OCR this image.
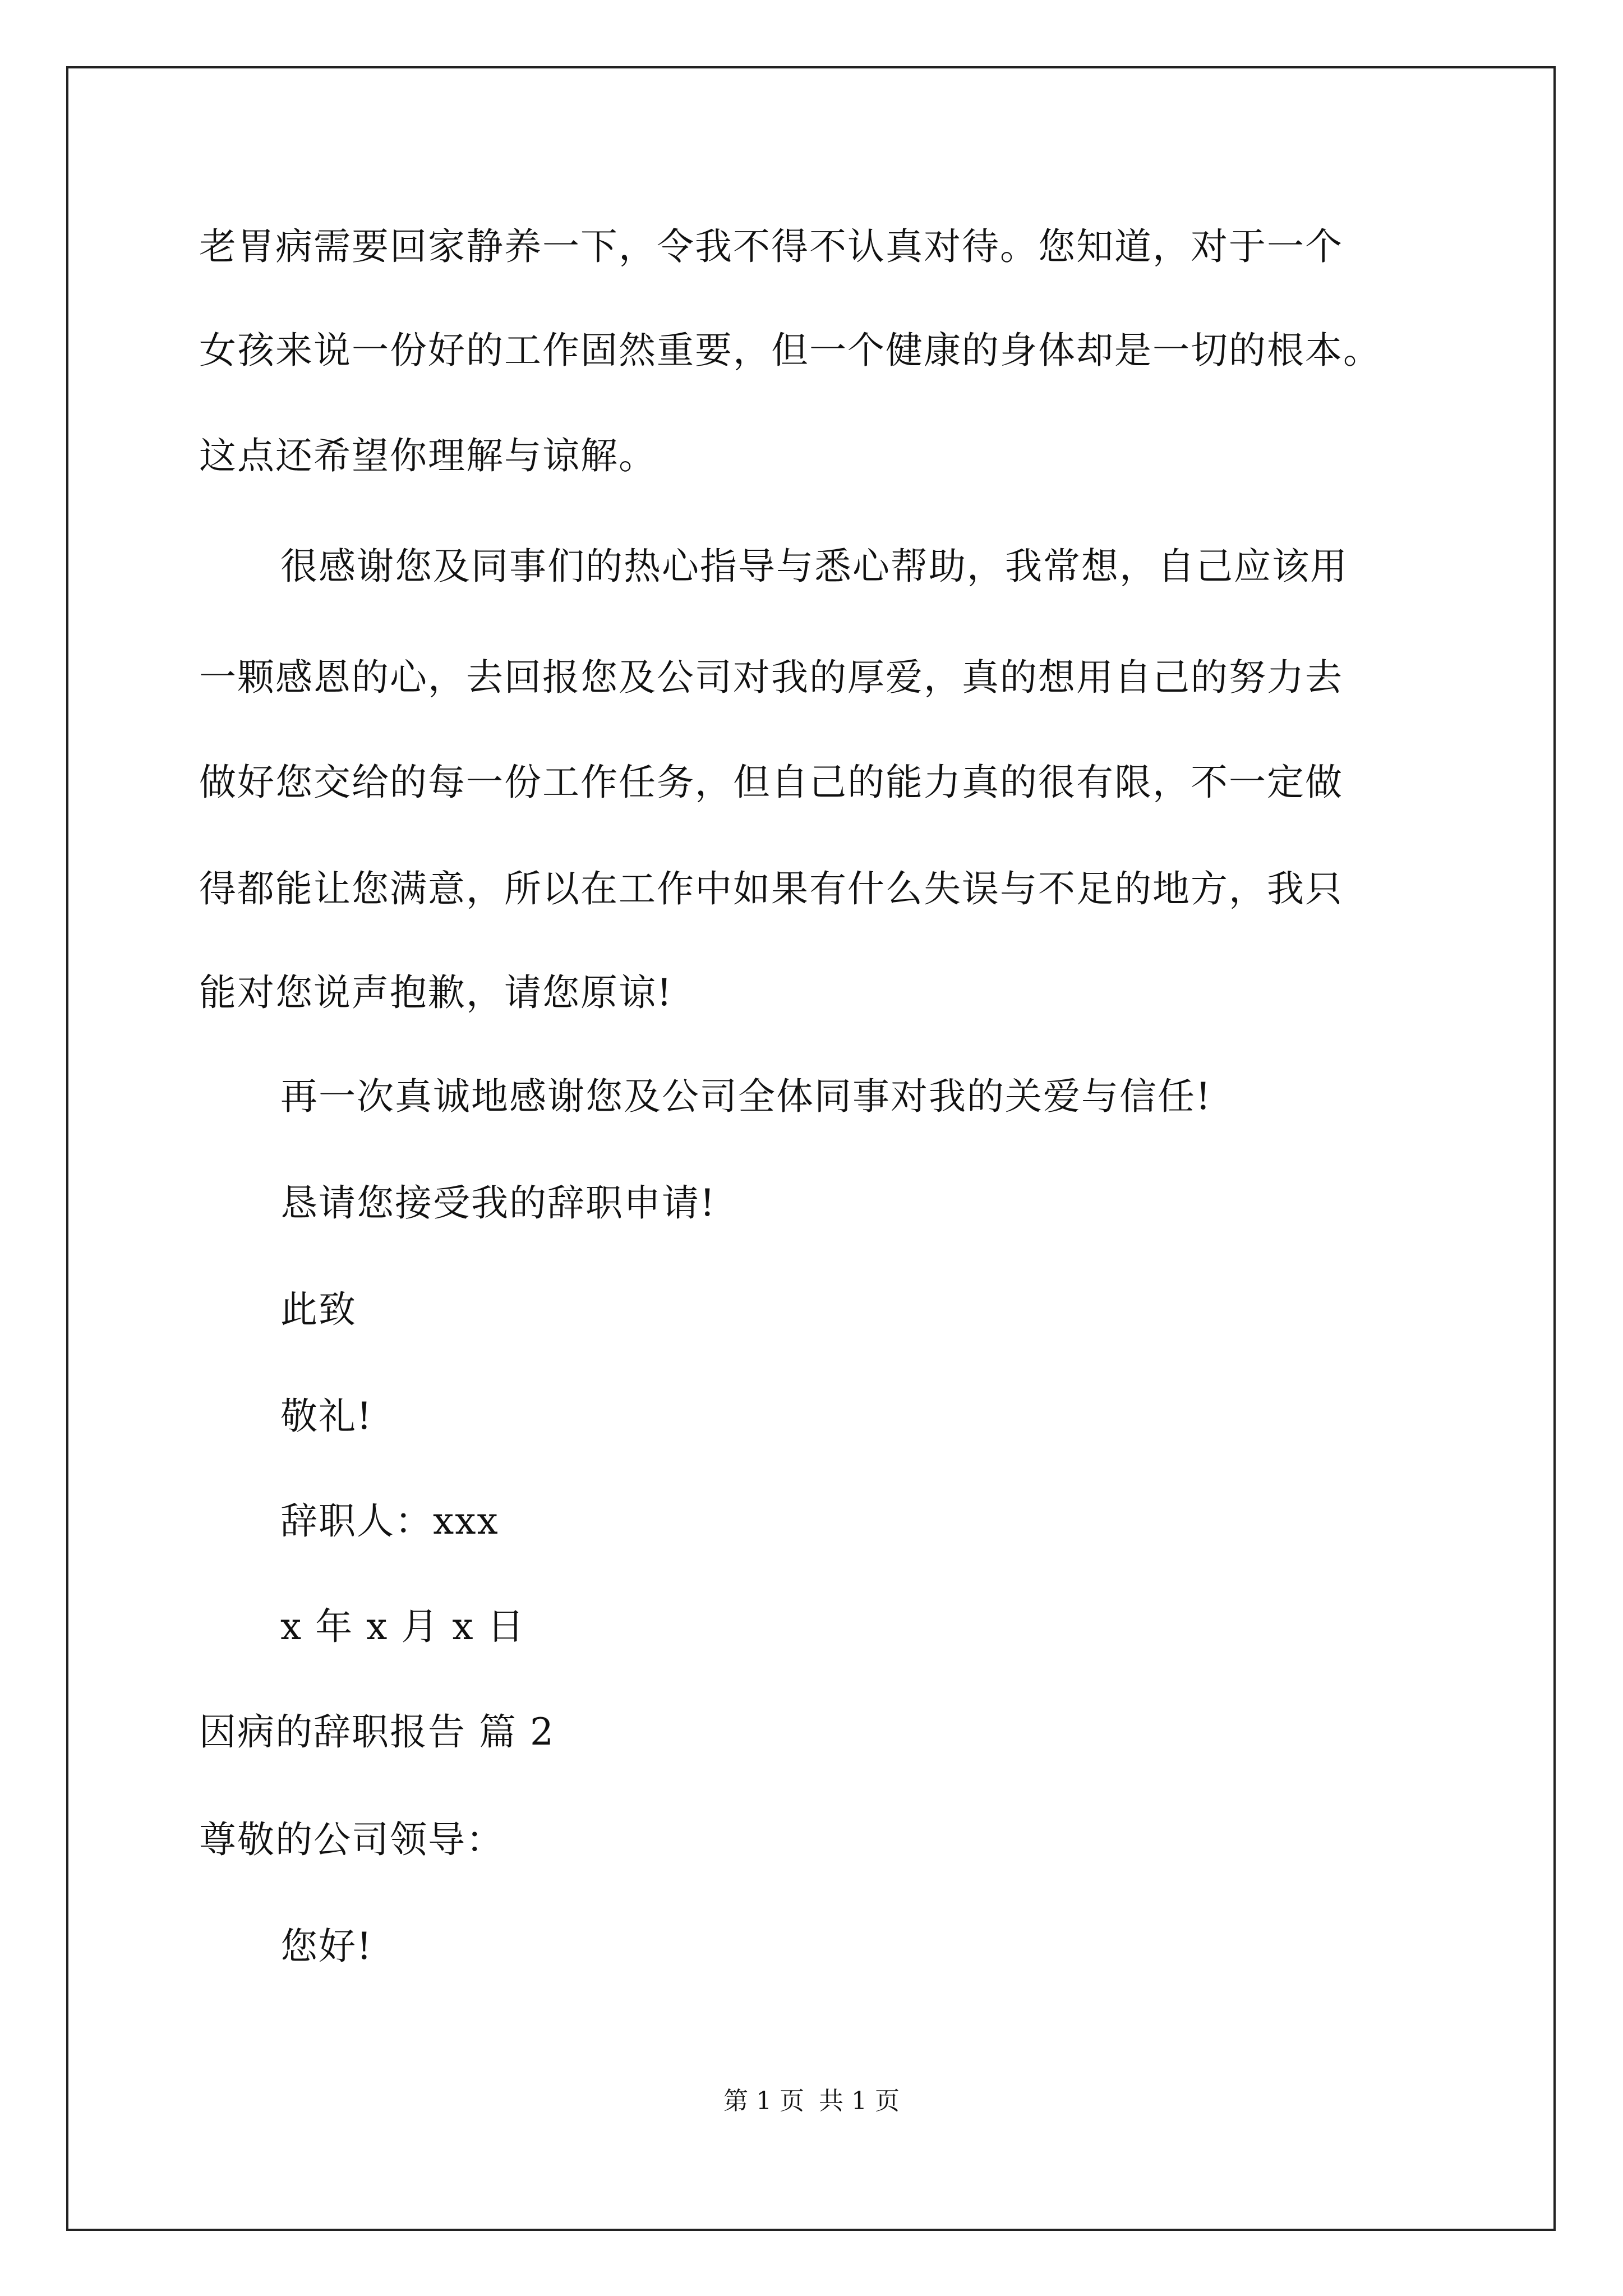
老胃病需要回家静养一下，令我不得不认真对待。您知道，对于一个
女孩来说一份好的工作固然重要，但一个健康的身体却是一切的根本。
这点还希望你理解与谅解。
很感谢您及同事们的热心指导与悉心帮助，我常想，自己应该用
一颗感恩的心，去回报您及公司对我的厚爱，真的想用自己的努力去
做好您交给的每一份工作任务，但自己的能力真的很有限，不一定做
得都能让您满意，所以在工作中如果有什么失误与不足的地方，我只
能对您说声抱歉，请您原谅!
再一次真诚地感谢您及公司全体同事对我的关爱与信任!
恳请您接受我的辞职申请!
此致
敬礼!
辞职人：xxx
x 年 x 月 x 日
因病的辞职报告 篇 2
尊敬的公司领导：
您好!
第 1 页 共 1 页
